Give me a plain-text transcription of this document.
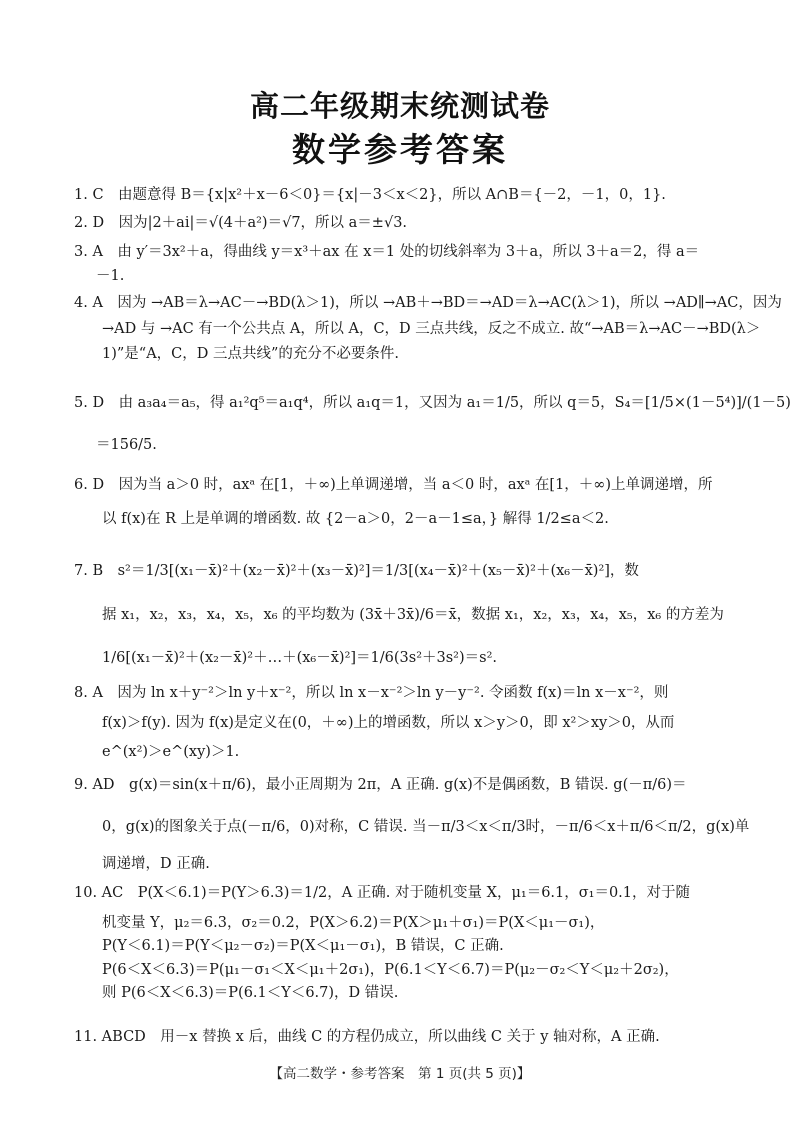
高二年级期末统测试卷
数学参考答案
1. C　由题意得 B＝{x|x²＋x－6＜0}＝{x|－3＜x＜2}，所以 A∩B＝{－2，－1，0，1}.
2. D　因为|2＋ai|＝√(4＋a²)＝√7，所以 a＝±√3.
3. A　由 y′＝3x²＋a，得曲线 y＝x³＋ax 在 x＝1 处的切线斜率为 3＋a，所以 3＋a＝2，得 a＝
－1.
4. A　因为 →AB＝λ→AC－→BD(λ＞1)，所以 →AB＋→BD＝→AD＝λ→AC(λ＞1)，所以 →AD∥→AC，因为
→AD 与 →AC 有一个公共点 A，所以 A，C，D 三点共线，反之不成立. 故“→AB＝λ→AC－→BD(λ＞
1)”是“A，C，D 三点共线”的充分不必要条件.
5. D　由 a₃a₄＝a₅，得 a₁²q⁵＝a₁q⁴，所以 a₁q＝1，又因为 a₁＝1/5，所以 q＝5，S₄＝[1/5×(1－5⁴)]/(1－5)
＝156/5.
6. D　因为当 a＞0 时，axᵃ 在[1，＋∞)上单调递增，当 a＜0 时，axᵃ 在[1，＋∞)上单调递增，所
以 f(x)在 R 上是单调的增函数. 故 {2－a＞0，2－a－1≤a，} 解得 1/2≤a＜2.
7. B　s²＝1/3[(x₁－x̄)²＋(x₂－x̄)²＋(x₃－x̄)²]＝1/3[(x₄－x̄)²＋(x₅－x̄)²＋(x₆－x̄)²]，数
据 x₁，x₂，x₃，x₄，x₅，x₆ 的平均数为 (3x̄＋3x̄)/6＝x̄，数据 x₁，x₂，x₃，x₄，x₅，x₆ 的方差为
1/6[(x₁－x̄)²＋(x₂－x̄)²＋…＋(x₆－x̄)²]＝1/6(3s²＋3s²)＝s².
8. A　因为 ln x＋y⁻²＞ln y＋x⁻²，所以 ln x－x⁻²＞ln y－y⁻². 令函数 f(x)＝ln x－x⁻²，则
f(x)＞f(y). 因为 f(x)是定义在(0，＋∞)上的增函数，所以 x＞y＞0，即 x²＞xy＞0，从而
e^(x²)＞e^(xy)＞1.
9. AD　g(x)＝sin(x＋π/6)，最小正周期为 2π，A 正确. g(x)不是偶函数，B 错误. g(－π/6)＝
0，g(x)的图象关于点(－π/6，0)对称，C 错误. 当－π/3＜x＜π/3时，－π/6＜x＋π/6＜π/2，g(x)单
调递增，D 正确.
10. AC　P(X＜6.1)＝P(Y＞6.3)＝1/2，A 正确. 对于随机变量 X，μ₁＝6.1，σ₁＝0.1，对于随
机变量 Y，μ₂＝6.3，σ₂＝0.2，P(X＞6.2)＝P(X＞μ₁＋σ₁)＝P(X＜μ₁－σ₁)，
P(Y＜6.1)＝P(Y＜μ₂－σ₂)＝P(X＜μ₁－σ₁)，B 错误，C 正确.
P(6＜X＜6.3)＝P(μ₁－σ₁＜X＜μ₁＋2σ₁)，P(6.1＜Y＜6.7)＝P(μ₂－σ₂＜Y＜μ₂＋2σ₂)，
则 P(6＜X＜6.3)＝P(6.1＜Y＜6.7)，D 错误.
11. ABCD　用－x 替换 x 后，曲线 C 的方程仍成立，所以曲线 C 关于 y 轴对称，A 正确.
【高二数学・参考答案　第 1 页(共 5 页)】
